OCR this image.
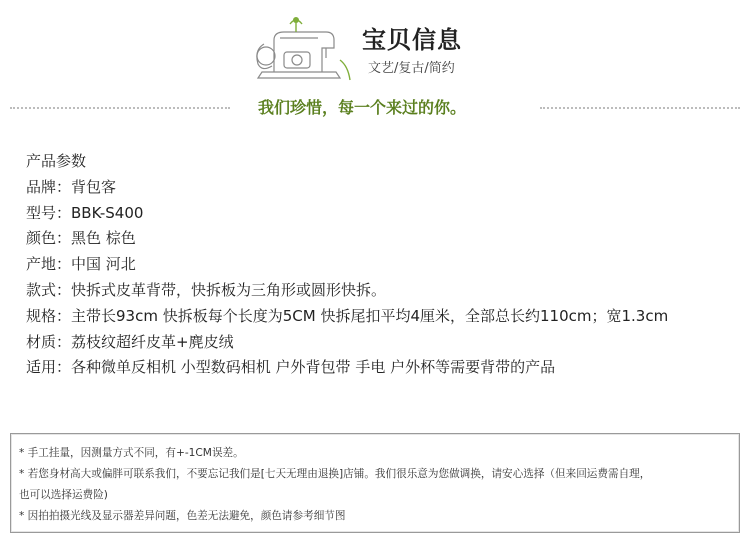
宝贝信息
文艺/复古/简约
我们珍惜，每一个来过的你。
产品参数
品牌：背包客
型号：BBK-S400
颜色：黑色 棕色
产地：中国 河北
款式：快拆式皮革背带，快拆板为三角形或圆形快拆。
规格：主带长93cm 快拆板每个长度为5CM 快拆尾扣平均4厘米，全部总长约110cm；宽1.3cm
材质：荔枝纹超纤皮革+麂皮绒
适用：各种微单反相机 小型数码相机 户外背包带 手电 户外杯等需要背带的产品
* 手工挂量，因测量方式不同，有+-1CM误差。
* 若您身材高大或偏胖可联系我们，不要忘记我们是[七天无理由退换]店铺。我们很乐意为您做调换，请安心选择（但来回运费需自理，
也可以选择运费险)
* 因拍拍摄光线及显示器差异问题，色差无法避免，颜色请参考细节图
